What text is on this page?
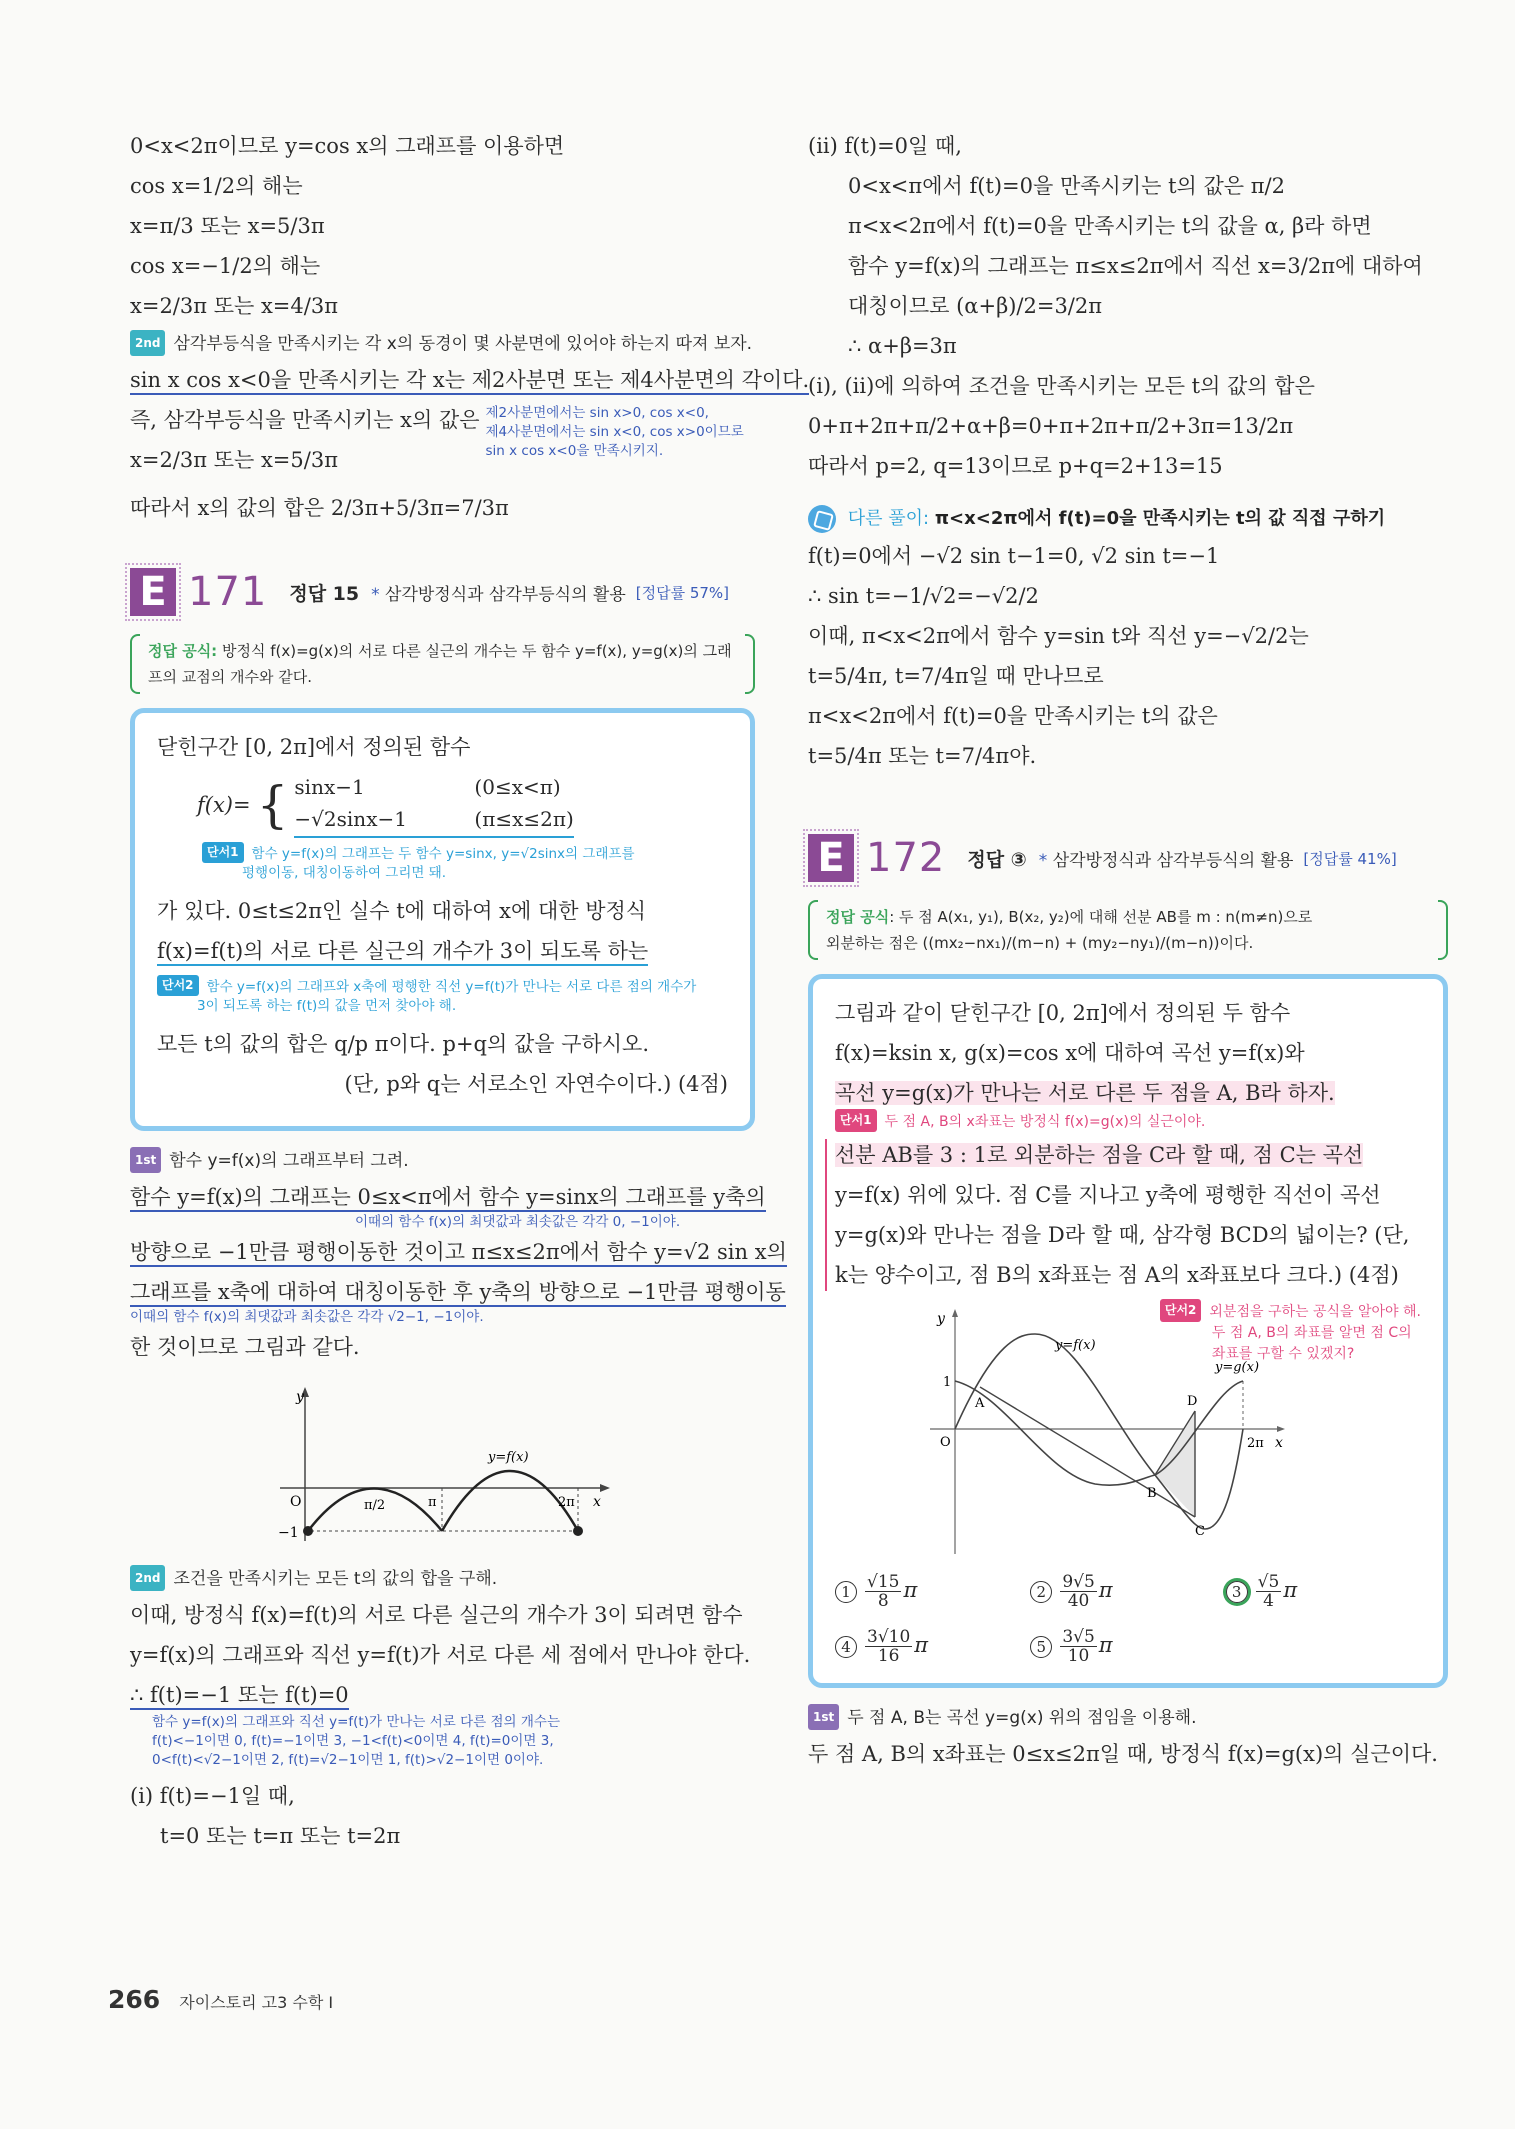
0<x<2π이므로 y=cos x의 그래프를 이용하면
cos x=1/2의 해는
x=π/3 또는 x=5/3π
cos x=−1/2의 해는
x=2/3π 또는 x=4/3π
2nd 삼각부등식을 만족시키는 각 x의 동경이 몇 사분면에 있어야 하는지 따져 보자.
sin x cos x<0을 만족시키는 각 x는 제2사분면 또는 제4사분면의 각이다.
즉, 삼각부등식을 만족시키는 x의 값은
x=2/3π 또는 x=5/3π
제2사분면에서는 sin x>0, cos x<0,
제4사분면에서는 sin x<0, cos x>0이므로
sin x cos x<0을 만족시키지.
따라서 x의 값의 합은 2/3π+5/3π=7/3π
E 171 정답 15 * 삼각방정식과 삼각부등식의 활용 [정답률 57%]
정답 공식: 방정식 f(x)=g(x)의 서로 다른 실근의 개수는 두 함수 y=f(x), y=g(x)의 그래프의 교점의 개수와 같다.
닫힌구간 [0, 2π]에서 정의된 함수
f(x)= { sinx−1	(0≤x<π)
−√2sinx−1	(π≤x≤2π)
단서1 함수 y=f(x)의 그래프는 두 함수 y=sinx, y=√2sinx의 그래프를
평행이동, 대칭이동하여 그리면 돼.
가 있다. 0≤t≤2π인 실수 t에 대하여 x에 대한 방정식
f(x)=f(t)의 서로 다른 실근의 개수가 3이 되도록 하는
단서2 함수 y=f(x)의 그래프와 x축에 평행한 직선 y=f(t)가 만나는 서로 다른 점의 개수가
3이 되도록 하는 f(t)의 값을 먼저 찾아야 해.
모든 t의 값의 합은 q/p π이다. p+q의 값을 구하시오.
(단, p와 q는 서로소인 자연수이다.) (4점)
1st 함수 y=f(x)의 그래프부터 그려.
함수 y=f(x)의 그래프는 0≤x<π에서 함수 y=sinx의 그래프를 y축의
이때의 함수 f(x)의 최댓값과 최솟값은 각각 0, −1이야.
방향으로 −1만큼 평행이동한 것이고 π≤x≤2π에서 함수 y=√2 sin x의
그래프를 x축에 대하여 대칭이동한 후 y축의 방향으로 −1만큼 평행이동
이때의 함수 f(x)의 최댓값과 최솟값은 각각 √2−1, −1이야.
한 것이므로 그림과 같다.
y
x
O
−1
π/2	π	2π
y=f(x)
2nd 조건을 만족시키는 모든 t의 값의 합을 구해.
이때, 방정식 f(x)=f(t)의 서로 다른 실근의 개수가 3이 되려면 함수
y=f(x)의 그래프와 직선 y=f(t)가 서로 다른 세 점에서 만나야 한다.
∴ f(t)=−1 또는 f(t)=0
함수 y=f(x)의 그래프와 직선 y=f(t)가 만나는 서로 다른 점의 개수는
f(t)<−1이면 0, f(t)=−1이면 3, −1<f(t)<0이면 4, f(t)=0이면 3,
0<f(t)<√2−1이면 2, f(t)=√2−1이면 1, f(t)>√2−1이면 0이야.
(i) f(t)=−1일 때,
t=0 또는 t=π 또는 t=2π
(ii) f(t)=0일 때,
0<x<π에서 f(t)=0을 만족시키는 t의 값은 π/2
π<x<2π에서 f(t)=0을 만족시키는 t의 값을 α, β라 하면
함수 y=f(x)의 그래프는 π≤x≤2π에서 직선 x=3/2π에 대하여
대칭이므로 (α+β)/2=3/2π
∴ α+β=3π
(i), (ii)에 의하여 조건을 만족시키는 모든 t의 값의 합은
0+π+2π+π/2+α+β=0+π+2π+π/2+3π=13/2π
따라서 p=2, q=13이므로 p+q=2+13=15
다른 풀이: π<x<2π에서 f(t)=0을 만족시키는 t의 값 직접 구하기
f(t)=0에서 −√2 sin t−1=0, √2 sin t=−1
∴ sin t=−1/√2=−√2/2
이때, π<x<2π에서 함수 y=sin t와 직선 y=−√2/2는
t=5/4π, t=7/4π일 때 만나므로
π<x<2π에서 f(t)=0을 만족시키는 t의 값은
t=5/4π 또는 t=7/4π야.
E 172 정답 ③ * 삼각방정식과 삼각부등식의 활용 [정답률 41%]
정답 공식: 두 점 A(x₁, y₁), B(x₂, y₂)에 대해 선분 AB를 m : n(m≠n)으로
외분하는 점은 ((mx₂−nx₁)/(m−n) + (my₂−ny₁)/(m−n))이다.
그림과 같이 닫힌구간 [0, 2π]에서 정의된 두 함수
f(x)=ksin x, g(x)=cos x에 대하여 곡선 y=f(x)와
곡선 y=g(x)가 만나는 서로 다른 두 점을 A, B라 하자.
단서1 두 점 A, B의 x좌표는 방정식 f(x)=g(x)의 실근이야.
선분 AB를 3 : 1로 외분하는 점을 C라 할 때, 점 C는 곡선
y=f(x) 위에 있다. 점 C를 지나고 y축에 평행한 직선이 곡선
y=g(x)와 만나는 점을 D라 할 때, 삼각형 BCD의 넓이는? (단,
k는 양수이고, 점 B의 x좌표는 점 A의 x좌표보다 크다.) (4점)
단서2 외분점을 구하는 공식을 알아야 해.
두 점 A, B의 좌표를 알면 점 C의
좌표를 구할 수 있겠지?
y
x
O
1
2π
y=f(x)
y=g(x)
A
B
C
D
$1 \frac{√15}{8}$ π	$2 \frac{9√5}{40}$ π	$3 \frac{√5}{4}$ π
$4 \frac{3√10}{16}$ π	$5 \frac{3√5}{10}$ π
1st 두 점 A, B는 곡선 y=g(x) 위의 점임을 이용해.
두 점 A, B의 x좌표는 0≤x≤2π일 때, 방정식 f(x)=g(x)의 실근이다.
266 자이스토리 고3 수학 I
